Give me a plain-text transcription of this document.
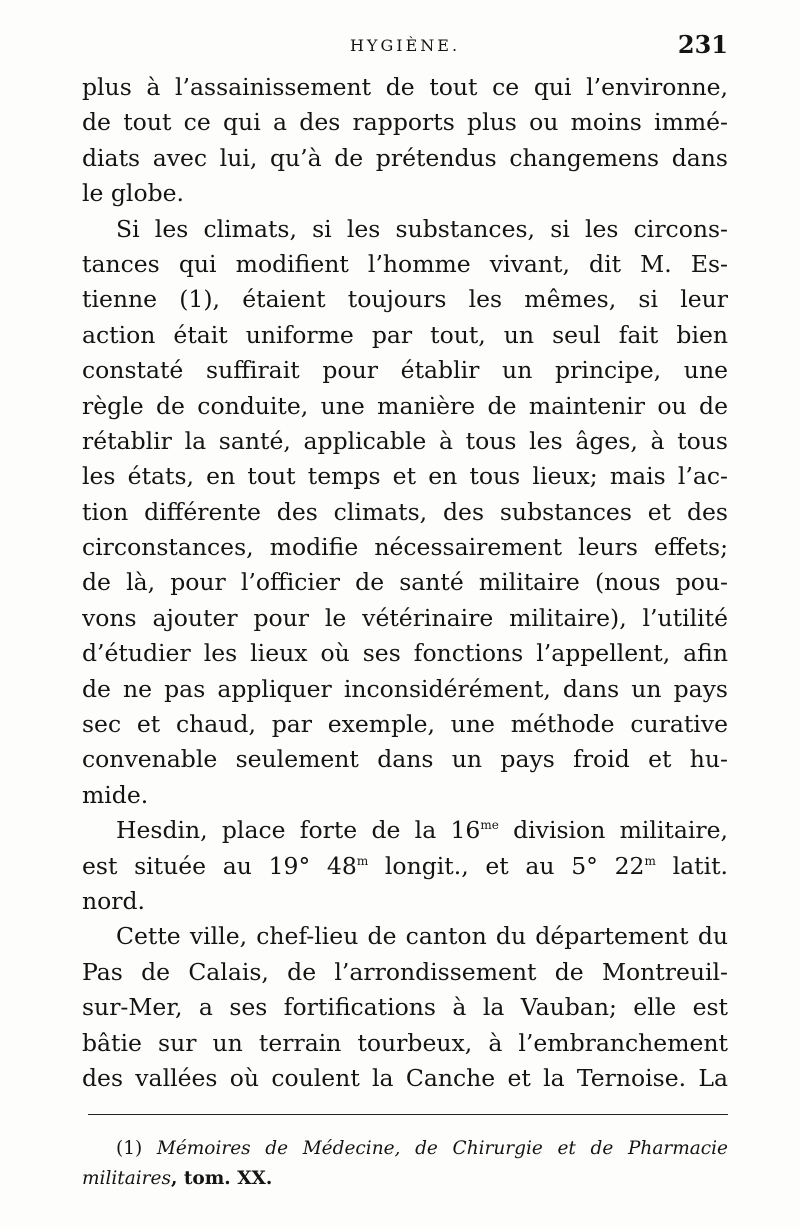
HYGIÈNE.	231
plus à l’assainissement de tout ce qui l’environne,
de tout ce qui a des rapports plus ou moins immé-
diats avec lui, qu’à de prétendus changemens dans
le globe.
Si les climats, si les substances, si les circons-
tances qui modifient l’homme vivant, dit M. Es-
tienne (1), étaient toujours les mêmes, si leur
action était uniforme par tout, un seul fait bien
constaté suffirait pour établir un principe, une
règle de conduite, une manière de maintenir ou de
rétablir la santé, applicable à tous les âges, à tous
les états, en tout temps et en tous lieux; mais l’ac-
tion différente des climats, des substances et des
circonstances, modifie nécessairement leurs effets;
de là, pour l’officier de santé militaire (nous pou-
vons ajouter pour le vétérinaire militaire), l’utilité
d’étudier les lieux où ses fonctions l’appellent, afin
de ne pas appliquer inconsidérément, dans un pays
sec et chaud, par exemple, une méthode curative
convenable seulement dans un pays froid et hu-
mide.
Hesdin, place forte de la $16^{me}$ division militaire,
est située au 19° 48$^m$ longit., et au 5° 22$^m$ latit.
nord.
Cette ville, chef-lieu de canton du département du
Pas de Calais, de l’arrondissement de Montreuil-
sur-Mer, a ses fortifications à la Vauban; elle est
bâtie sur un terrain tourbeux, à l’embranchement
des vallées où coulent la Canche et la Ternoise. La
(1) Mémoires de Médecine, de Chirurgie et de Pharmacie
militaires, tom. XX.
